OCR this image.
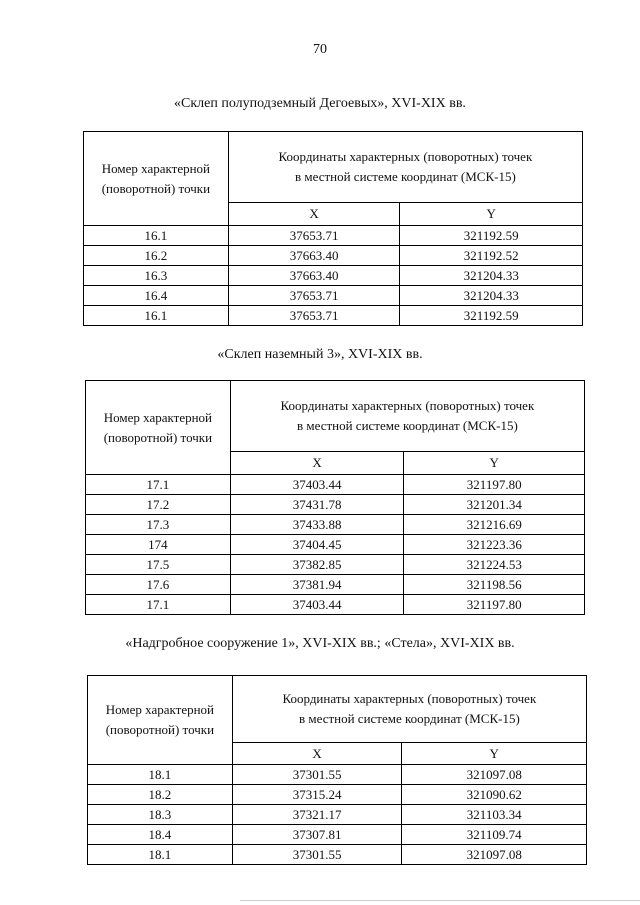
70
«Склеп полуподземный Дегоевых», XVI-XIX вв.
Номер характерной
(поворотной) точки	Координаты характерных (поворотных) точек
в местной системе координат (МСК-15)	
	X	Y
16.1	37653.71	321192.59
16.2	37663.40	321192.52
16.3	37663.40	321204.33
16.4	37653.71	321204.33
16.1	37653.71	321192.59
«Склеп наземный 3», XVI-XIX вв.
Номер характерной
(поворотной) точки	Координаты характерных (поворотных) точек
в местной системе координат (МСК-15)	
	X	Y
17.1	37403.44	321197.80
17.2	37431.78	321201.34
17.3	37433.88	321216.69
174	37404.45	321223.36
17.5	37382.85	321224.53
17.6	37381.94	321198.56
17.1	37403.44	321197.80
«Надгробное сооружение 1», XVI-XIX вв.; «Стела», XVI-XIX вв.
Номер характерной
(поворотной) точки	Координаты характерных (поворотных) точек
в местной системе координат (МСК-15)	
	X	Y
18.1	37301.55	321097.08
18.2	37315.24	321090.62
18.3	37321.17	321103.34
18.4	37307.81	321109.74
18.1	37301.55	321097.08
